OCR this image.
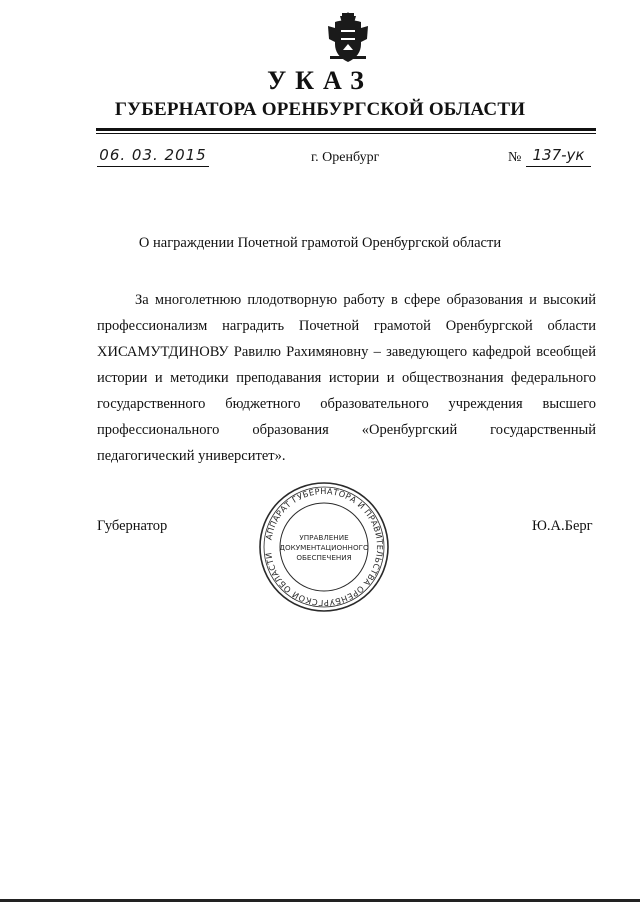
УКАЗ
ГУБЕРНАТОРА ОРЕНБУРГСКОЙ ОБЛАСТИ
06. 03. 2015	г. Оренбург	№ 137-ук
О награждении Почетной грамотой Оренбургской области

За многолетнюю плодотворную работу в сфере образования и высокий профессионализм наградить Почетной грамотой Оренбургской области ХИСАМУТДИНОВУ Равилю Рахимяновну – заведующего кафедрой всеобщей истории и методики преподавания истории и обществознания федерального государственного бюджетного образовательного учреждения высшего профессионального образования «Оренбургский государственный педагогический университет».

Губернатор	Ю.А.Берг
АППАРАТ ГУБЕРНАТОРА И ПРАВИТЕЛЬСТВА ОРЕНБУРГСКОЙ ОБЛАСТИ
УПРАВЛЕНИЕ
ДОКУМЕНТАЦИОННОГО
ОБЕСПЕЧЕНИЯ
